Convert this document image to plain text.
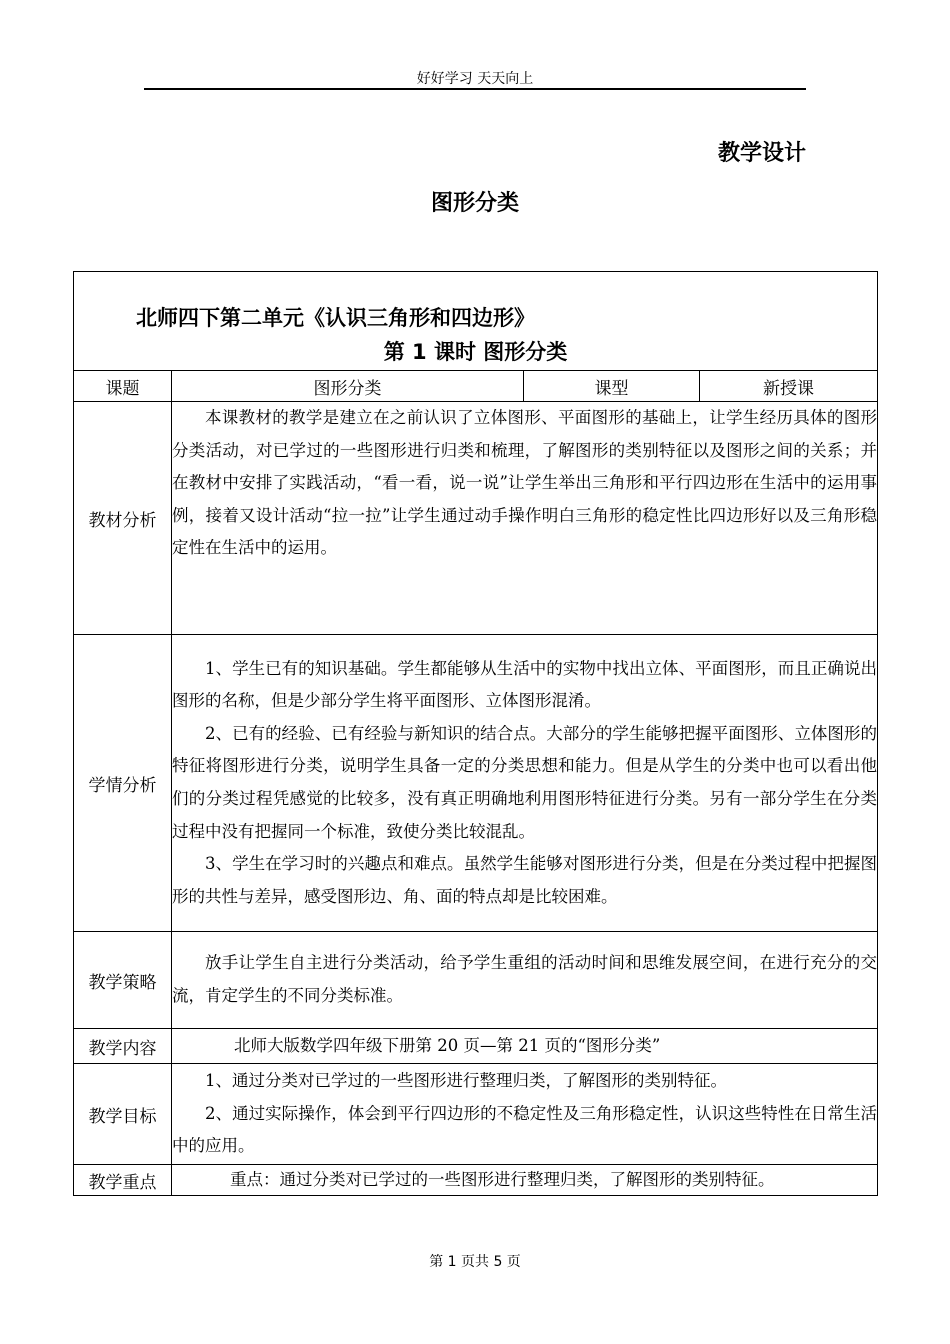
好好学习 天天向上
教学设计
图形分类
北师四下第二单元《认识三角形和四边形》
第 1 课时 图形分类			

课题	图形分类	课型	新授课
教材分析	本课教材的教学是建立在之前认识了立体图形、平面图形的基础上，让学生经历具体的图形分类活动，对已学过的一些图形进行归类和梳理，了解图形的类别特征以及图形之间的关系；并在教材中安排了实践活动，“看一看，说一说”让学生举出三角形和平行四边形在生活中的运用事例，接着又设计活动“拉一拉”让学生通过动手操作明白三角形的稳定性比四边形好以及三角形稳定性在生活中的运用。		

学情分析	1、学生已有的知识基础。学生都能够从生活中的实物中找出立体、平面图形，而且正确说出图形的名称，但是少部分学生将平面图形、立体图形混淆。

2、已有的经验、已有经验与新知识的结合点。大部分的学生能够把握平面图形、立体图形的特征将图形进行分类，说明学生具备一定的分类思想和能力。但是从学生的分类中也可以看出他们的分类过程凭感觉的比较多，没有真正明确地利用图形特征进行分类。另有一部分学生在分类过程中没有把握同一个标准，致使分类比较混乱。

3、学生在学习时的兴趣点和难点。虽然学生能够对图形进行分类，但是在分类过程中把握图形的共性与差异，感受图形边、角、面的特点却是比较困难。		

教学策略	放手让学生自主进行分类活动，给予学生重组的活动时间和思维发展空间，在进行充分的交流，肯定学生的不同分类标准。		

教学内容	北师大版数学四年级下册第 20 页—第 21 页的“图形分类”		
教学目标	1、通过分类对已学过的一些图形进行整理归类，了解图形的类别特征。

2、通过实际操作，体会到平行四边形的不稳定性及三角形稳定性，认识这些特性在日常生活中的应用。		

教学重点	重点：通过分类对已学过的一些图形进行整理归类，了解图形的类别特征。		
第 1 页共 5 页
